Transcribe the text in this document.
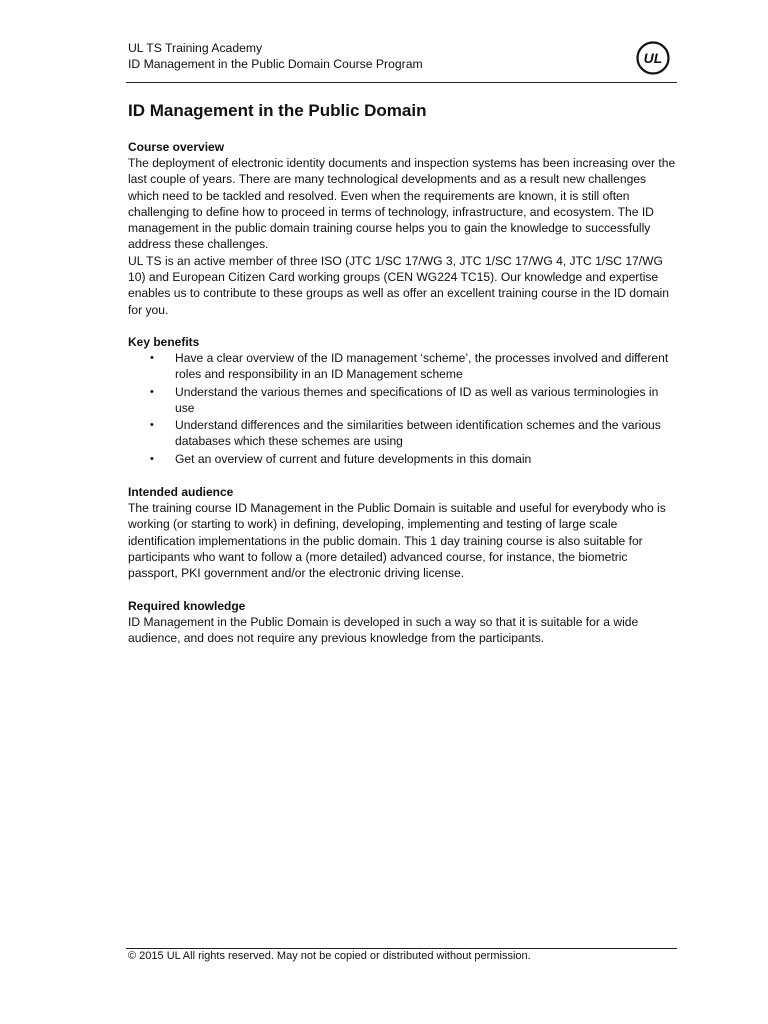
UL TS Training Academy
ID Management in the Public Domain Course Program	UL
ID Management in the Public Domain

Course overview

The deployment of electronic identity documents and inspection systems has been increasing over the last couple of years. There are many technological developments and as a result new challenges which need to be tackled and resolved. Even when the requirements are known, it is still often challenging to define how to proceed in terms of technology, infrastructure, and ecosystem. The ID management in the public domain training course helps you to gain the knowledge to successfully address these challenges.

UL TS is an active member of three ISO (JTC 1/SC 17/WG 3, JTC 1/SC 17/WG 4, JTC 1/SC 17/WG 10) and European Citizen Card working groups (CEN WG224 TC15). Our knowledge and expertise enables us to contribute to these groups as well as offer an excellent training course in the ID domain for you.

Key benefits

• Have a clear overview of the ID management ‘scheme’, the processes involved and different roles and responsibility in an ID Management scheme
• Understand the various themes and specifications of ID as well as various terminologies in use
• Understand differences and the similarities between identification schemes and the various databases which these schemes are using
• Get an overview of current and future developments in this domain

Intended audience

The training course ID Management in the Public Domain is suitable and useful for everybody who is working (or starting to work) in defining, developing, implementing and testing of large scale identification implementations in the public domain. This 1 day training course is also suitable for participants who want to follow a (more detailed) advanced course, for instance, the biometric passport, PKI government and/or the electronic driving license.

Required knowledge

ID Management in the Public Domain is developed in such a way so that it is suitable for a wide audience, and does not require any previous knowledge from the participants.

© 2015 UL All rights reserved. May not be copied or distributed without permission.
